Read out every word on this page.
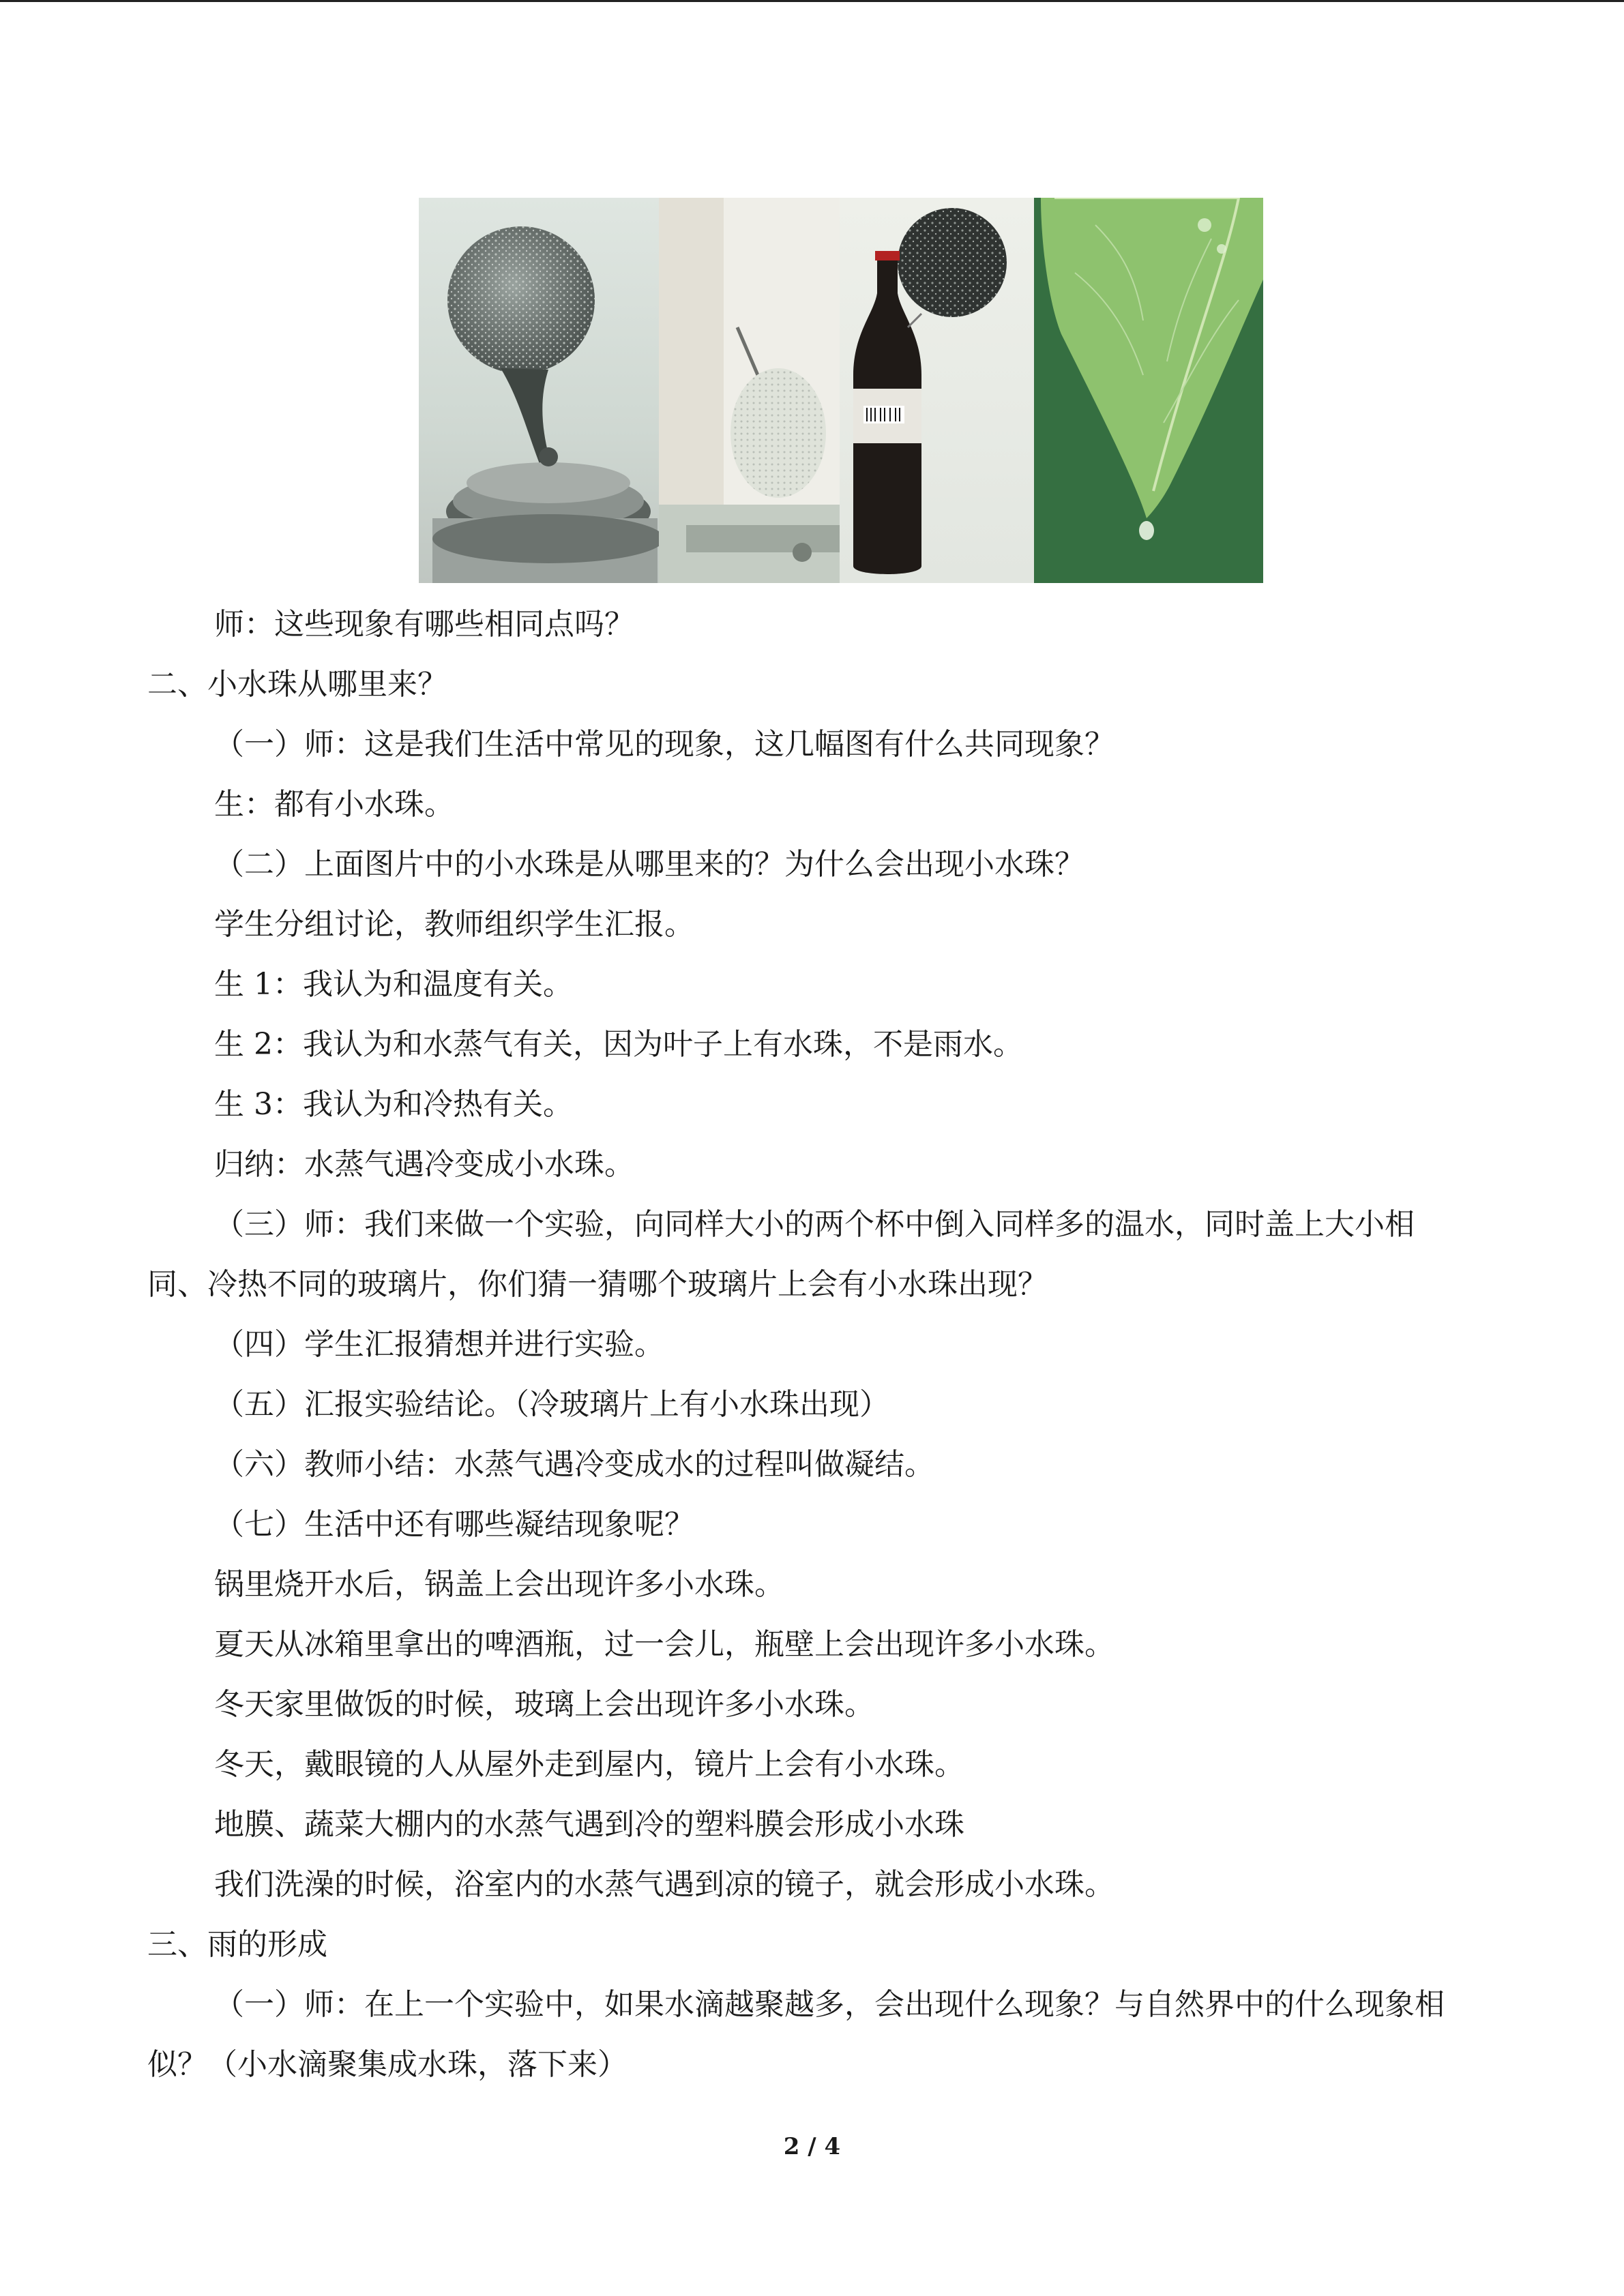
师：这些现象有哪些相同点吗？

二、小水珠从哪里来？

（一）师：这是我们生活中常见的现象，这几幅图有什么共同现象？

生：都有小水珠。

（二）上面图片中的小水珠是从哪里来的？为什么会出现小水珠？

学生分组讨论，教师组织学生汇报。

生 1：我认为和温度有关。

生 2：我认为和水蒸气有关，因为叶子上有水珠，不是雨水。

生 3：我认为和冷热有关。

归纳：水蒸气遇冷变成小水珠。

（三）师：我们来做一个实验，向同样大小的两个杯中倒入同样多的温水，同时盖上大小相同、冷热不同的玻璃片，你们猜一猜哪个玻璃片上会有小水珠出现？

（四）学生汇报猜想并进行实验。

（五）汇报实验结论。（冷玻璃片上有小水珠出现）

（六）教师小结：水蒸气遇冷变成水的过程叫做凝结。

（七）生活中还有哪些凝结现象呢？

锅里烧开水后，锅盖上会出现许多小水珠。

夏天从冰箱里拿出的啤酒瓶，过一会儿，瓶壁上会出现许多小水珠。

冬天家里做饭的时候，玻璃上会出现许多小水珠。

冬天，戴眼镜的人从屋外走到屋内，镜片上会有小水珠。

地膜、蔬菜大棚内的水蒸气遇到冷的塑料膜会形成小水珠

我们洗澡的时候，浴室内的水蒸气遇到凉的镜子，就会形成小水珠。

三、雨的形成

（一）师：在上一个实验中，如果水滴越聚越多，会出现什么现象？与自然界中的什么现象相似？（小水滴聚集成水珠，落下来）

2 / 4
